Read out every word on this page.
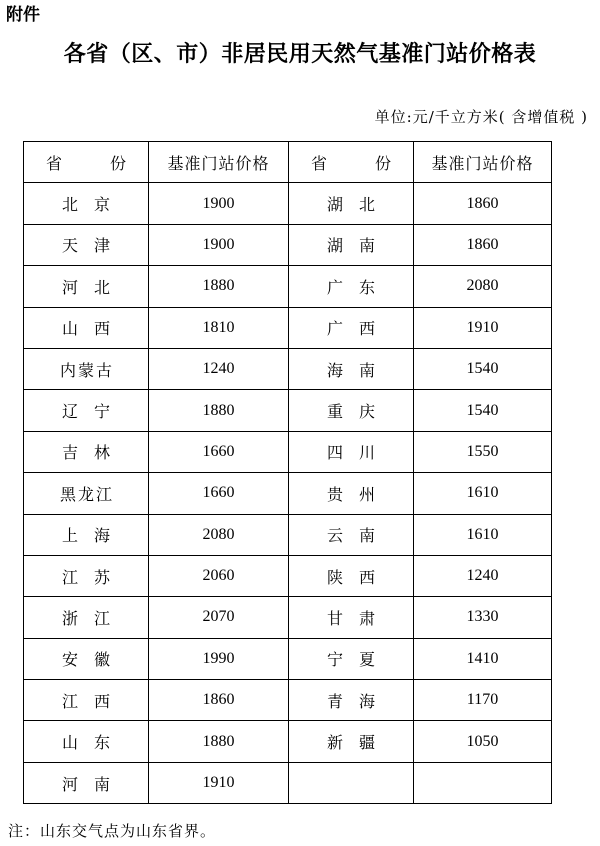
附件
各省（区、市）非居民用天然气基准门站价格表
单位:元/千立方米( 含增值税 )
省　份	基准门站价格	省　份	基准门站价格
北京	1900	湖北	1860
天津	1900	湖南	1860
河北	1880	广东	2080
山西	1810	广西	1910
内蒙古	1240	海南	1540
辽宁	1880	重庆	1540
吉林	1660	四川	1550
黑龙江	1660	贵州	1610
上海	2080	云南	1610
江苏	2060	陕西	1240
浙江	2070	甘肃	1330
安徽	1990	宁夏	1410
江西	1860	青海	1170
山东	1880	新疆	1050
河南	1910		
注：山东交气点为山东省界。
